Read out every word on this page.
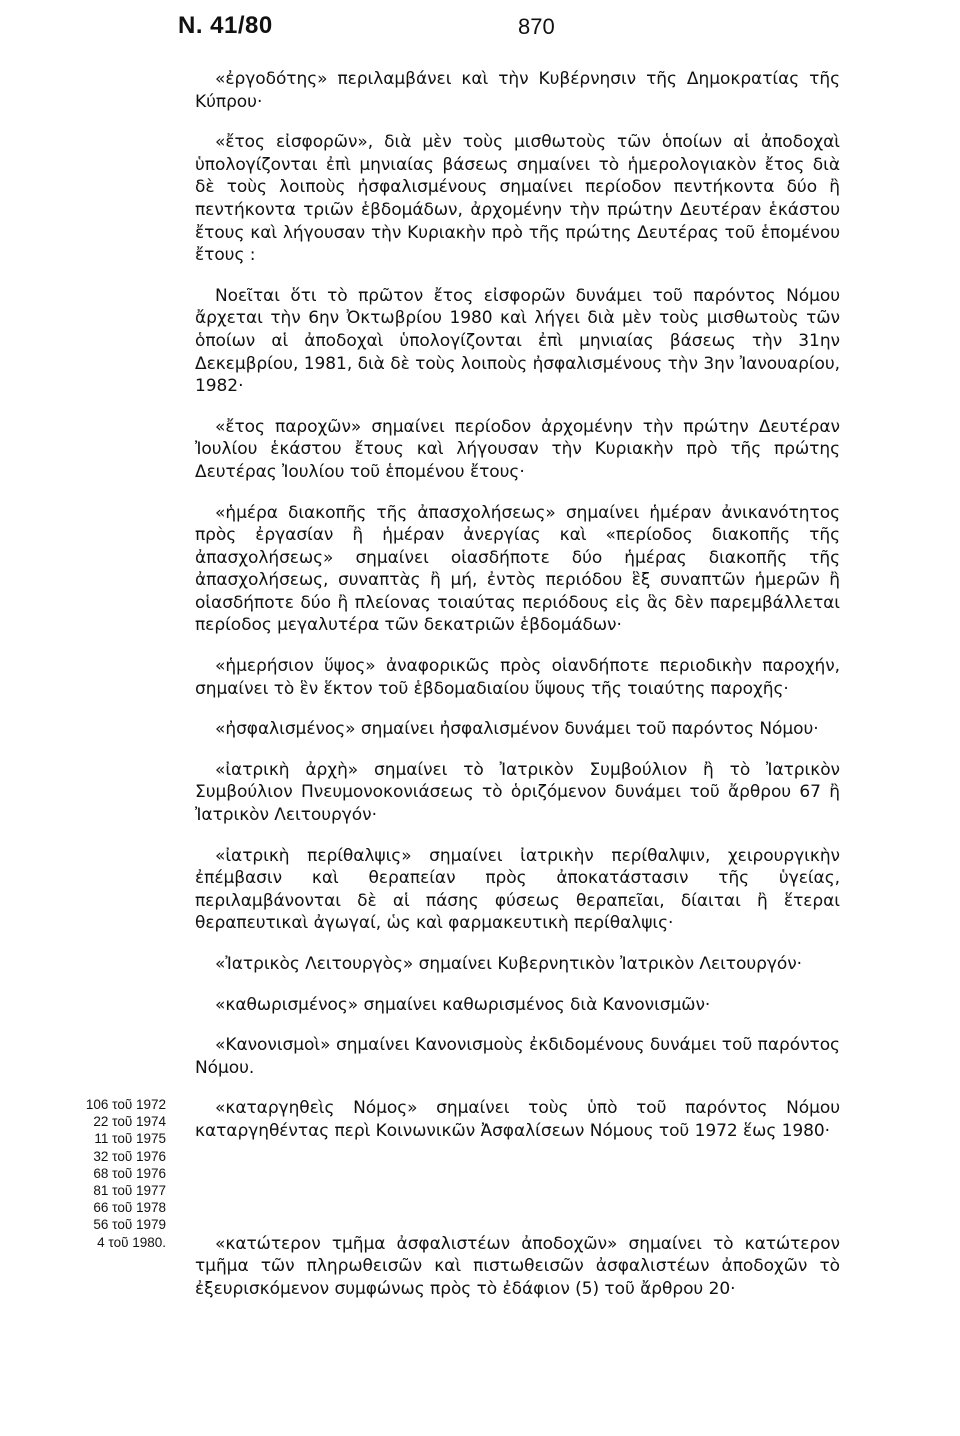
Ν. 41/80	870
106 τοῦ 1972
22 τοῦ 1974
11 τοῦ 1975
32 τοῦ 1976
68 τοῦ 1976
81 τοῦ 1977
66 τοῦ 1978
56 τοῦ 1979
4 τοῦ 1980.

«ἐργοδότης» περιλαμβάνει καὶ τὴν Κυβέρνησιν τῆς Δημοκρατίας τῆς Κύπρου·

«ἔτος εἰσφορῶν», διὰ μὲν τοὺς μισθωτοὺς τῶν ὁποίων αἱ ἀποδοχαὶ ὑπολογίζονται ἐπὶ μηνιαίας βάσεως σημαίνει τὸ ἡμερολογιακὸν ἔτος διὰ δὲ τοὺς λοιποὺς ἠσφαλισμένους σημαίνει περίοδον πεντήκοντα δύο ἢ πεντήκοντα τριῶν ἑβδομάδων, ἀρχομένην τὴν πρώτην Δευτέραν ἑκάστου ἔτους καὶ λήγουσαν τὴν Κυριακὴν πρὸ τῆς πρώτης Δευτέρας τοῦ ἑπομένου ἔτους :

Νοεῖται ὅτι τὸ πρῶτον ἔτος εἰσφορῶν δυνάμει τοῦ παρόντος Νόμου ἄρχεται τὴν 6ην Ὀκτωβρίου 1980 καὶ λήγει διὰ μὲν τοὺς μισθωτοὺς τῶν ὁποίων αἱ ἀποδοχαὶ ὑπολογίζονται ἐπὶ μηνιαίας βάσεως τὴν 31ην Δεκεμβρίου, 1981, διὰ δὲ τοὺς λοιποὺς ἠσφαλισμένους τὴν 3ην Ἰανουαρίου, 1982·

«ἔτος παροχῶν» σημαίνει περίοδον ἀρχομένην τὴν πρώτην Δευτέραν Ἰουλίου ἑκάστου ἔτους καὶ λήγουσαν τὴν Κυριακὴν πρὸ τῆς πρώτης Δευτέρας Ἰουλίου τοῦ ἑπομένου ἔτους·

«ἡμέρα διακοπῆς τῆς ἀπασχολήσεως» σημαίνει ἡμέραν ἀνικανότητος πρὸς ἐργασίαν ἢ ἡμέραν ἀνεργίας καὶ «περίοδος διακοπῆς τῆς ἀπασχολήσεως» σημαίνει οἱασδήποτε δύο ἡμέρας διακοπῆς τῆς ἀπασχολήσεως, συναπτὰς ἢ μή, ἐντὸς περιόδου ἓξ συναπτῶν ἡμερῶν ἢ οἱασδήποτε δύο ἢ πλείονας τοιαύτας περιόδους εἰς ἃς δὲν παρεμβάλλεται περίοδος μεγαλυτέρα τῶν δεκατριῶν ἑβδομάδων·

«ἡμερήσιον ὕψος» ἀναφορικῶς πρὸς οἱανδήποτε περιοδικὴν παροχήν, σημαίνει τὸ ἓν ἕκτον τοῦ ἑβδομαδιαίου ὕψους τῆς τοιαύτης παροχῆς·

«ἠσφαλισμένος» σημαίνει ἠσφαλισμένον δυνάμει τοῦ παρόντος Νόμου·

«ἰατρικὴ ἀρχὴ» σημαίνει τὸ Ἰατρικὸν Συμβούλιον ἢ τὸ Ἰατρικὸν Συμβούλιον Πνευμονοκονιάσεως τὸ ὁριζόμενον δυνάμει τοῦ ἄρθρου 67 ἢ Ἰατρικὸν Λειτουργόν·

«ἰατρικὴ περίθαλψις» σημαίνει ἰατρικὴν περίθαλψιν, χειρουργικὴν ἐπέμβασιν καὶ θεραπείαν πρὸς ἀποκατάστασιν τῆς ὑγείας, περιλαμβάνονται δὲ αἱ πάσης φύσεως θεραπεῖαι, δίαιται ἢ ἕτεραι θεραπευτικαὶ ἀγωγαί, ὡς καὶ φαρμακευτικὴ περίθαλψις·

«Ἰατρικὸς Λειτουργὸς» σημαίνει Κυβερνητικὸν Ἰατρικὸν Λειτουργόν·

«καθωρισμένος» σημαίνει καθωρισμένος διὰ Κανονισμῶν·

«Κανονισμοὶ» σημαίνει Κανονισμοὺς ἐκδιδομένους δυνάμει τοῦ παρόντος Νόμου.

«καταργηθεὶς Νόμος» σημαίνει τοὺς ὑπὸ τοῦ παρόντος Νόμου καταργηθέντας περὶ Κοινωνικῶν Ἀσφαλίσεων Νόμους τοῦ 1972 ἕως 1980·

«κατώτερον τμῆμα ἀσφαλιστέων ἀποδοχῶν» σημαίνει τὸ κατώτερον τμῆμα τῶν πληρωθεισῶν καὶ πιστωθεισῶν ἀσφαλιστέων ἀποδοχῶν τὸ ἐξευρισκόμενον συμφώνως πρὸς τὸ ἐδάφιον (5) τοῦ ἄρθρου 20·
